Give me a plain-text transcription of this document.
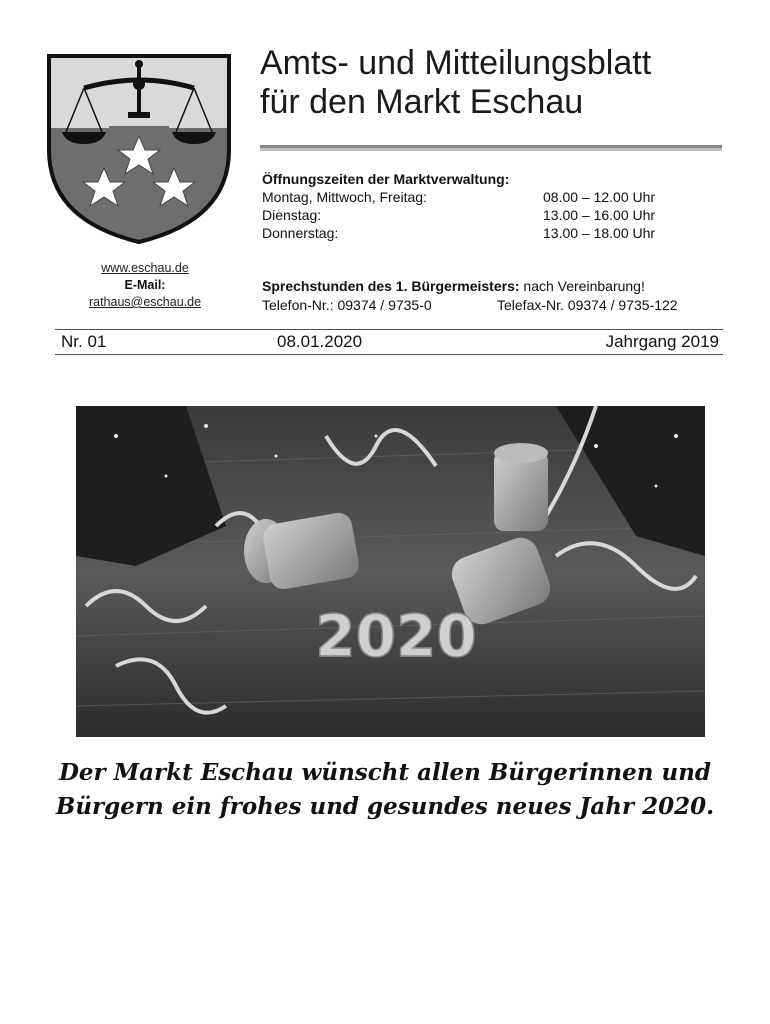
www.eschau.de
E-Mail:
rathaus@eschau.de
Amts- und Mitteilungsblatt
für den Markt Eschau
Öffnungszeiten der Marktverwaltung:
Montag, Mittwoch, Freitag:	08.00 – 12.00 Uhr
Dienstag:	13.00 – 16.00 Uhr
Donnerstag:	13.00 – 18.00 Uhr
Sprechstunden des 1. Bürgermeisters: nach Vereinbarung!
Telefon-Nr.: 09374 / 9735-0	Telefax-Nr. 09374 / 9735-122
Nr. 01	08.01.2020	Jahrgang 2019
2020
Der Markt Eschau wünscht allen Bürgerinnen und
Bürgern ein frohes und gesundes neues Jahr 2020.
